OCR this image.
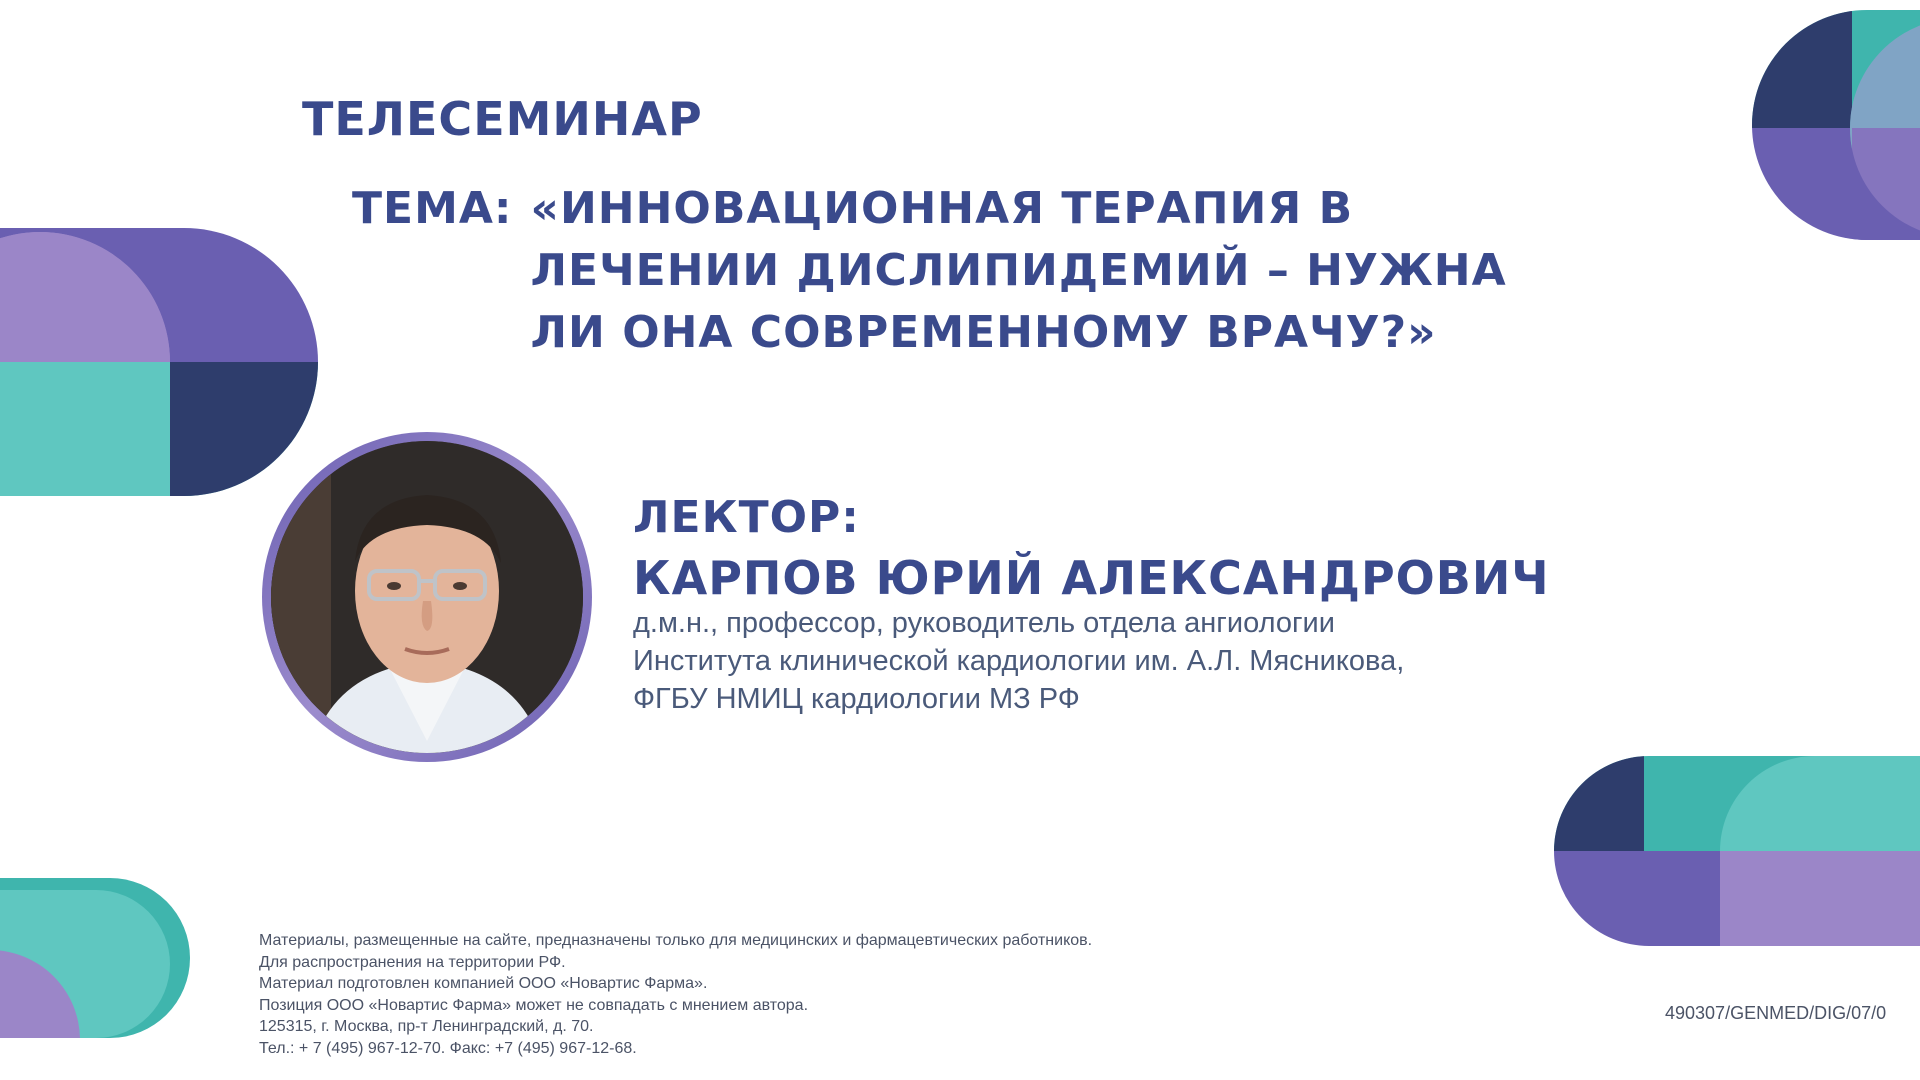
ТЕЛЕСЕМИНАР
ТЕМА: «ИННОВАЦИОННАЯ ТЕРАПИЯ В ЛЕЧЕНИИ ДИСЛИПИДЕМИЙ – НУЖНА ЛИ ОНА СОВРЕМЕННОМУ ВРАЧУ?»
ЛЕКТОР:
КАРПОВ ЮРИЙ АЛЕКСАНДРОВИЧ

д.м.н., профессор, руководитель отдела ангиологии
Института клинической кардиологии им. А.Л. Мясникова,
ФГБУ НМИЦ кардиологии МЗ РФ

Материалы, размещенные на сайте, предназначены только для медицинских и фармацевтических работников.
Для распространения на территории РФ.
Материал подготовлен компанией ООО «Новартис Фарма».
Позиция ООО «Новартис Фарма» может не совпадать с мнением автора.
125315, г. Москва, пр-т Ленинградский, д. 70.
Тел.: + 7 (495) 967-12-70. Факс: +7 (495) 967-12-68.

490307/GENMED/DIG/07/0
